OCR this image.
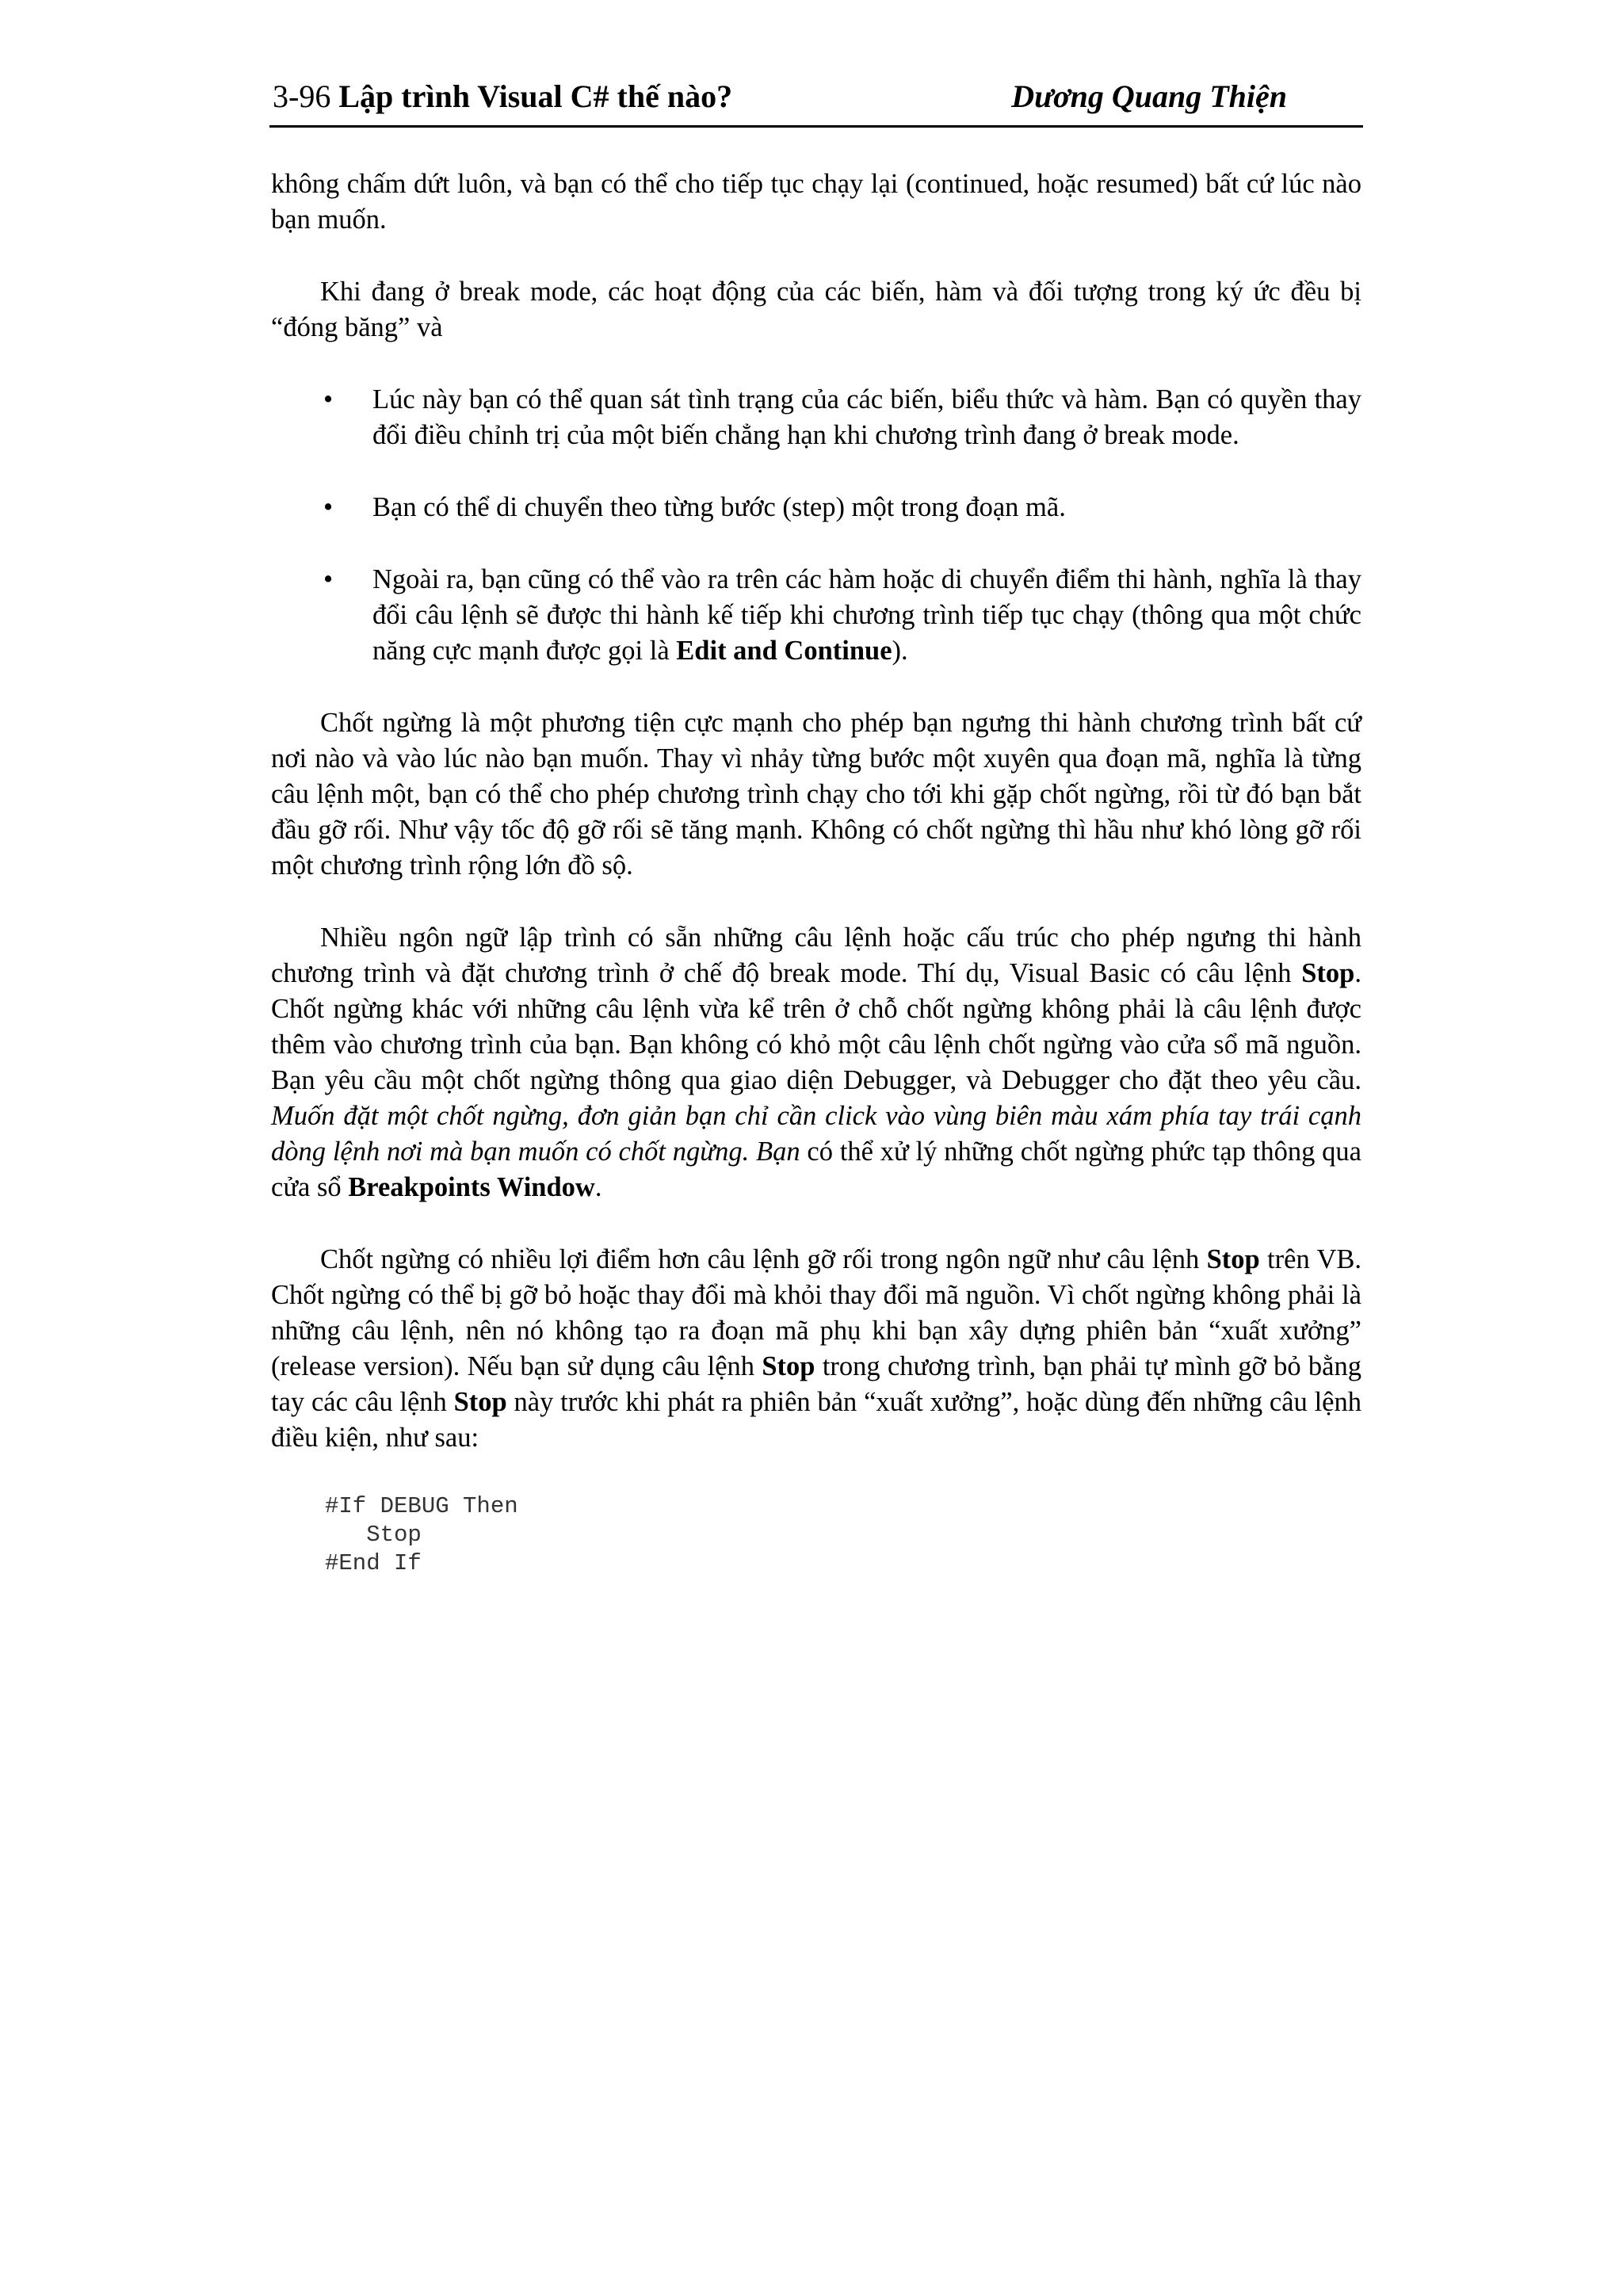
3-96 Lập trình Visual C# thế nào?	Dương Quang Thiện

không chấm dứt luôn, và bạn có thể cho tiếp tục chạy lại (continued, hoặc resumed) bất cứ lúc nào bạn muốn.

Khi đang ở break mode, các hoạt động của các biến, hàm và đối tượng trong ký ức đều bị “đóng băng” và

• Lúc này bạn có thể quan sát tình trạng của các biến, biểu thức và hàm. Bạn có quyền thay đổi điều chỉnh trị của một biến chẳng hạn khi chương trình đang ở break mode.
• Bạn có thể di chuyển theo từng bước (step) một trong đoạn mã.
• Ngoài ra, bạn cũng có thể vào ra trên các hàm hoặc di chuyển điểm thi hành, nghĩa là thay đổi câu lệnh sẽ được thi hành kế tiếp khi chương trình tiếp tục chạy (thông qua một chức năng cực mạnh được gọi là Edit and Continue).

Chốt ngừng là một phương tiện cực mạnh cho phép bạn ngưng thi hành chương trình bất cứ nơi nào và vào lúc nào bạn muốn. Thay vì nhảy từng bước một xuyên qua đoạn mã, nghĩa là từng câu lệnh một, bạn có thể cho phép chương trình chạy cho tới khi gặp chốt ngừng, rồi từ đó bạn bắt đầu gỡ rối. Như vậy tốc độ gỡ rối sẽ tăng mạnh. Không có chốt ngừng thì hầu như khó lòng gỡ rối một chương trình rộng lớn đồ sộ.

Nhiều ngôn ngữ lập trình có sẵn những câu lệnh hoặc cấu trúc cho phép ngưng thi hành chương trình và đặt chương trình ở chế độ break mode. Thí dụ, Visual Basic có câu lệnh Stop. Chốt ngừng khác với những câu lệnh vừa kể trên ở chỗ chốt ngừng không phải là câu lệnh được thêm vào chương trình của bạn. Bạn không có khỏ một câu lệnh chốt ngừng vào cửa sổ mã nguồn. Bạn yêu cầu một chốt ngừng thông qua giao diện Debugger, và Debugger cho đặt theo yêu cầu. Muốn đặt một chốt ngừng, đơn giản bạn chỉ cần click vào vùng biên màu xám phía tay trái cạnh dòng lệnh nơi mà bạn muốn có chốt ngừng. Bạn có thể xử lý những chốt ngừng phức tạp thông qua cửa sổ Breakpoints Window.

Chốt ngừng có nhiều lợi điểm hơn câu lệnh gỡ rối trong ngôn ngữ như câu lệnh Stop trên VB. Chốt ngừng có thể bị gỡ bỏ hoặc thay đổi mà khỏi thay đổi mã nguồn. Vì chốt ngừng không phải là những câu lệnh, nên nó không tạo ra đoạn mã phụ khi bạn xây dựng phiên bản “xuất xưởng” (release version). Nếu bạn sử dụng câu lệnh Stop trong chương trình, bạn phải tự mình gỡ bỏ bằng tay các câu lệnh Stop này trước khi phát ra phiên bản “xuất xưởng”, hoặc dùng đến những câu lệnh điều kiện, như sau:

#If DEBUG Then
Stop
#End If
